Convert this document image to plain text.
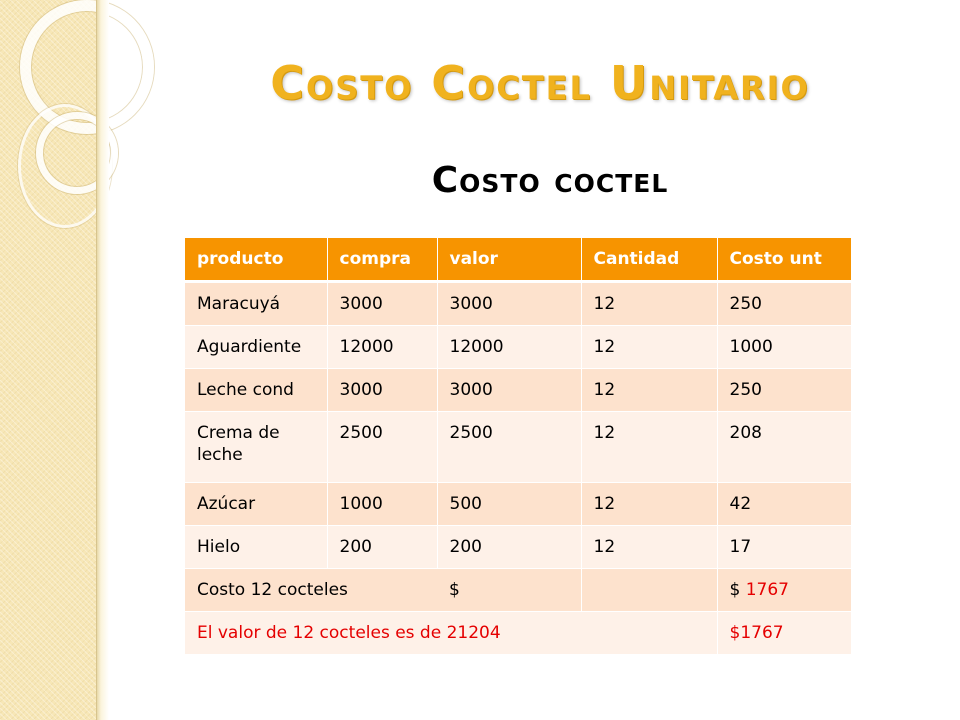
Costo Coctel Unitario
Costo coctel
producto	compra	valor	Cantidad	Costo unt
Maracuyá	3000	3000	12	250
Aguardiente	12000	12000	12	1000
Leche cond	3000	3000	12	250
Crema de leche	2500	2500	12	208
Azúcar	1000	500	12	42
Hielo	200	200	12	17
Costo 12 cocteles		$		$ 1767
El valor de 12 cocteles es de 21204				$1767
